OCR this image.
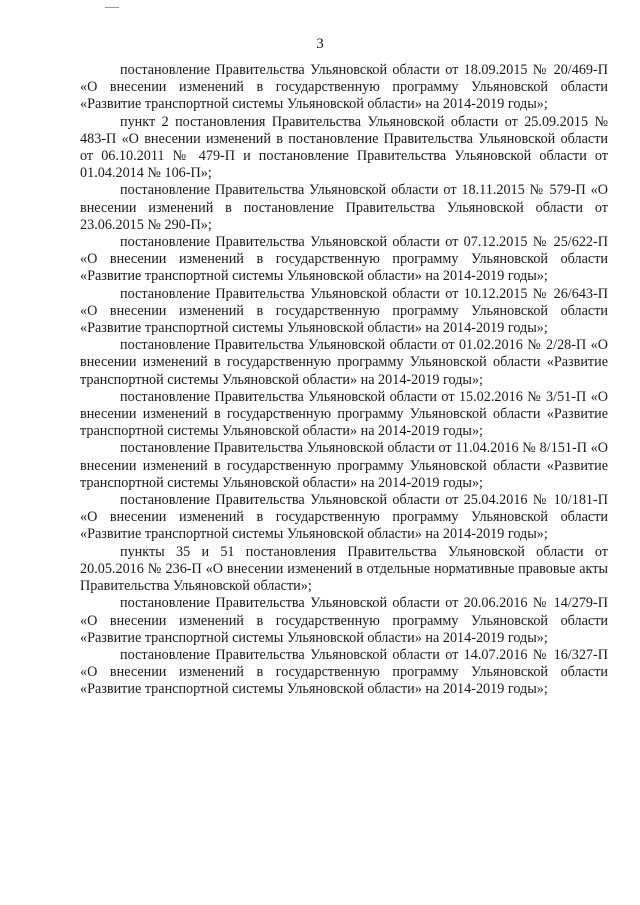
3

постановление Правительства Ульяновской области от 18.09.2015 № 20/469-П «О внесении изменений в государственную программу Ульяновской области «Развитие транспортной системы Ульяновской области» на 2014-2019 годы»;

пункт 2 постановления Правительства Ульяновской области от 25.09.2015 № 483-П «О внесении изменений в постановление Правительства Ульяновской области от 06.10.2011 № 479-П и постановление Правительства Ульяновской области от 01.04.2014 № 106-П»;

постановление Правительства Ульяновской области от 18.11.2015 № 579-П «О внесении изменений в постановление Правительства Ульяновской области от 23.06.2015 № 290-П»;

постановление Правительства Ульяновской области от 07.12.2015 № 25/622-П «О внесении изменений в государственную программу Ульяновской области «Развитие транспортной системы Ульяновской области» на 2014-2019 годы»;

постановление Правительства Ульяновской области от 10.12.2015 № 26/643-П «О внесении изменений в государственную программу Ульяновской области «Развитие транспортной системы Ульяновской области» на 2014-2019 годы»;

постановление Правительства Ульяновской области от 01.02.2016 № 2/28-П «О внесении изменений в государственную программу Ульяновской области «Развитие транспортной системы Ульяновской области» на 2014-2019 годы»;

постановление Правительства Ульяновской области от 15.02.2016 № 3/51-П «О внесении изменений в государственную программу Ульяновской области «Развитие транспортной системы Ульяновской области» на 2014-2019 годы»;

постановление Правительства Ульяновской области от 11.04.2016 № 8/151-П «О внесении изменений в государственную программу Ульяновской области «Развитие транспортной системы Ульяновской области» на 2014-2019 годы»;

постановление Правительства Ульяновской области от 25.04.2016 № 10/181-П «О внесении изменений в государственную программу Ульяновской области «Развитие транспортной системы Ульяновской области» на 2014-2019 годы»;

пункты 35 и 51 постановления Правительства Ульяновской области от 20.05.2016 № 236-П «О внесении изменений в отдельные нормативные правовые акты Правительства Ульяновской области»;

постановление Правительства Ульяновской области от 20.06.2016 № 14/279-П «О внесении изменений в государственную программу Ульяновской области «Развитие транспортной системы Ульяновской области» на 2014-2019 годы»;

постановление Правительства Ульяновской области от 14.07.2016 № 16/327-П «О внесении изменений в государственную программу Ульяновской области «Развитие транспортной системы Ульяновской области» на 2014-2019 годы»;
